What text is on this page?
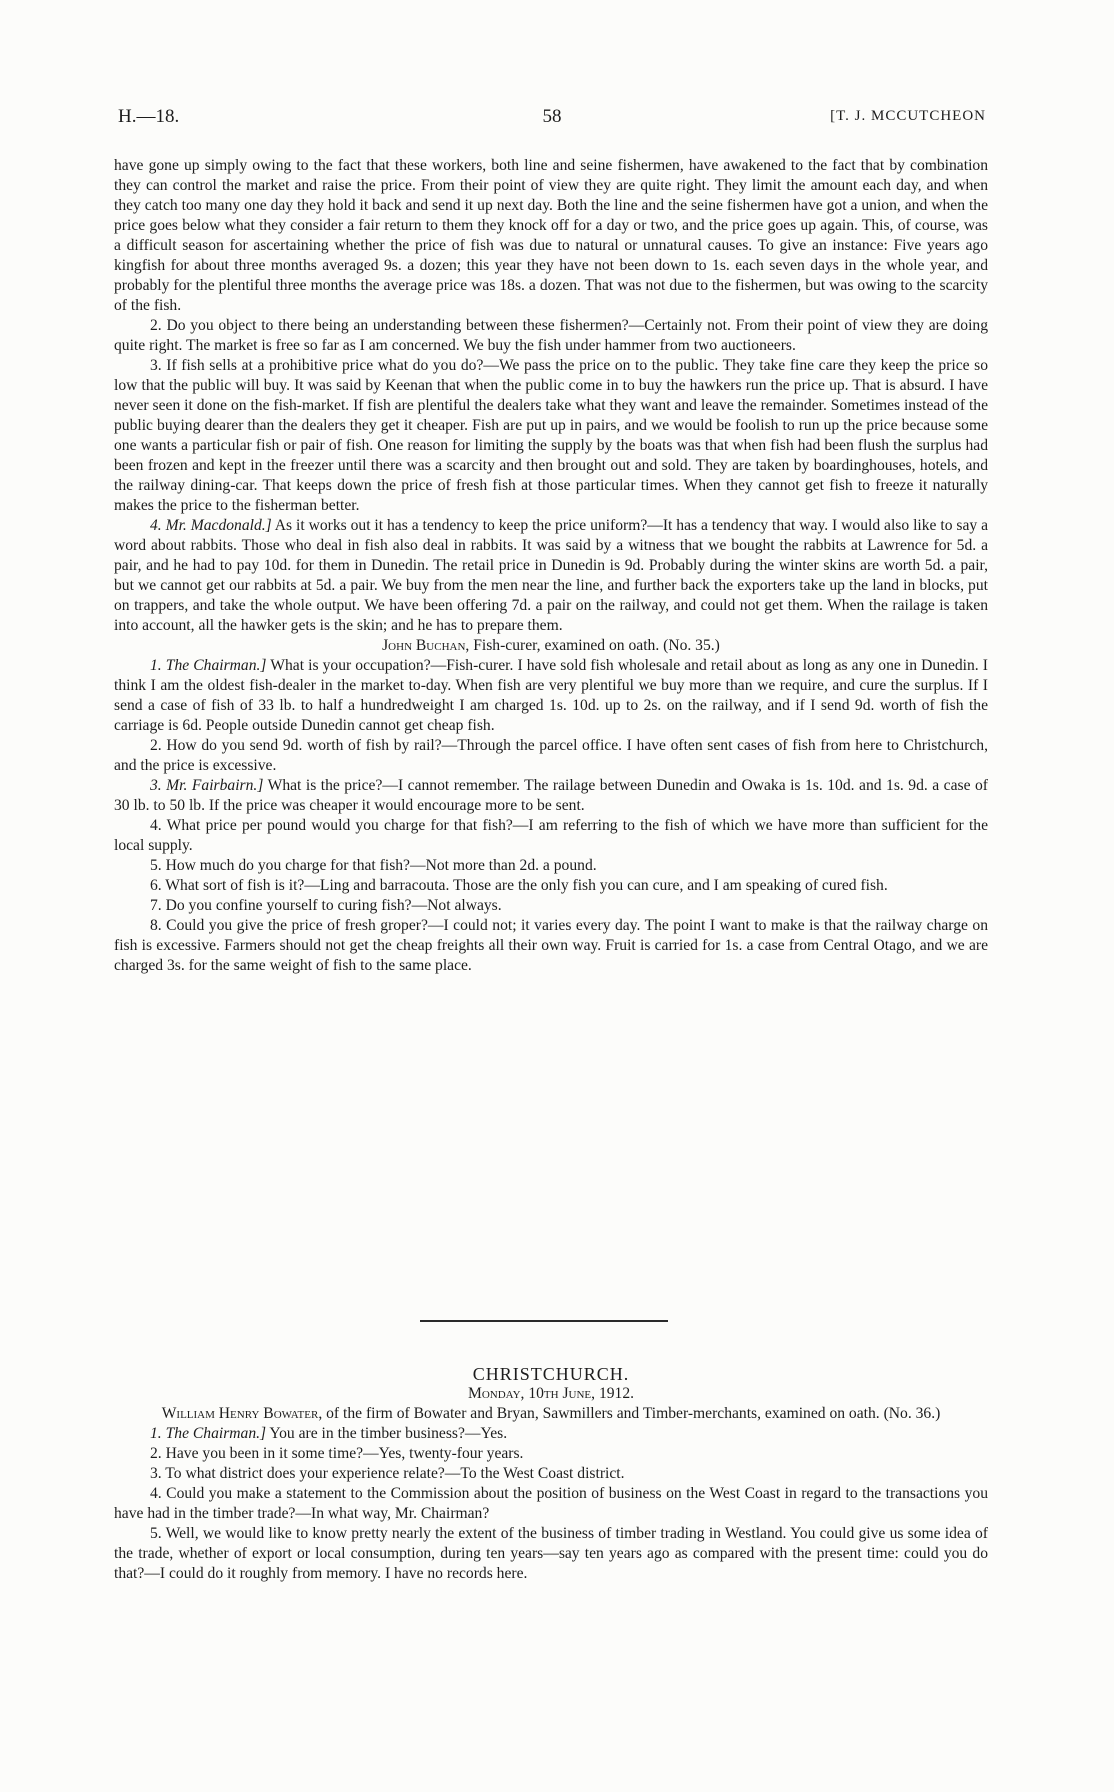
H.—18.	58	[T. J. MCCUTCHEON

have gone up simply owing to the fact that these workers, both line and seine fishermen, have awakened to the fact that by combination they can control the market and raise the price. From their point of view they are quite right. They limit the amount each day, and when they catch too many one day they hold it back and send it up next day. Both the line and the seine fishermen have got a union, and when the price goes below what they consider a fair return to them they knock off for a day or two, and the price goes up again. This, of course, was a difficult season for ascertaining whether the price of fish was due to natural or unnatural causes. To give an instance: Five years ago kingfish for about three months averaged 9s. a dozen; this year they have not been down to 1s. each seven days in the whole year, and probably for the plentiful three months the average price was 18s. a dozen. That was not due to the fishermen, but was owing to the scarcity of the fish.

2. Do you object to there being an understanding between these fishermen?—Certainly not. From their point of view they are doing quite right. The market is free so far as I am concerned. We buy the fish under hammer from two auctioneers.

3. If fish sells at a prohibitive price what do you do?—We pass the price on to the public. They take fine care they keep the price so low that the public will buy. It was said by Keenan that when the public come in to buy the hawkers run the price up. That is absurd. I have never seen it done on the fish-market. If fish are plentiful the dealers take what they want and leave the remainder. Sometimes instead of the public buying dearer than the dealers they get it cheaper. Fish are put up in pairs, and we would be foolish to run up the price because some one wants a particular fish or pair of fish. One reason for limiting the supply by the boats was that when fish had been flush the surplus had been frozen and kept in the freezer until there was a scarcity and then brought out and sold. They are taken by boardinghouses, hotels, and the railway dining-car. That keeps down the price of fresh fish at those particular times. When they cannot get fish to freeze it naturally makes the price to the fisherman better.

4. Mr. Macdonald.] As it works out it has a tendency to keep the price uniform?—It has a tendency that way. I would also like to say a word about rabbits. Those who deal in fish also deal in rabbits. It was said by a witness that we bought the rabbits at Lawrence for 5d. a pair, and he had to pay 10d. for them in Dunedin. The retail price in Dunedin is 9d. Probably during the winter skins are worth 5d. a pair, but we cannot get our rabbits at 5d. a pair. We buy from the men near the line, and further back the exporters take up the land in blocks, put on trappers, and take the whole output. We have been offering 7d. a pair on the railway, and could not get them. When the railage is taken into account, all the hawker gets is the skin; and he has to prepare them.

John Buchan, Fish-curer, examined on oath. (No. 35.)

1. The Chairman.] What is your occupation?—Fish-curer. I have sold fish wholesale and retail about as long as any one in Dunedin. I think I am the oldest fish-dealer in the market to-day. When fish are very plentiful we buy more than we require, and cure the surplus. If I send a case of fish of 33 lb. to half a hundredweight I am charged 1s. 10d. up to 2s. on the railway, and if I send 9d. worth of fish the carriage is 6d. People outside Dunedin cannot get cheap fish.

2. How do you send 9d. worth of fish by rail?—Through the parcel office. I have often sent cases of fish from here to Christchurch, and the price is excessive.

3. Mr. Fairbairn.] What is the price?—I cannot remember. The railage between Dunedin and Owaka is 1s. 10d. and 1s. 9d. a case of 30 lb. to 50 lb. If the price was cheaper it would encourage more to be sent.

4. What price per pound would you charge for that fish?—I am referring to the fish of which we have more than sufficient for the local supply.

5. How much do you charge for that fish?—Not more than 2d. a pound.

6. What sort of fish is it?—Ling and barracouta. Those are the only fish you can cure, and I am speaking of cured fish.

7. Do you confine yourself to curing fish?—Not always.

8. Could you give the price of fresh groper?—I could not; it varies every day. The point I want to make is that the railway charge on fish is excessive. Farmers should not get the cheap freights all their own way. Fruit is carried for 1s. a case from Central Otago, and we are charged 3s. for the same weight of fish to the same place.

CHRISTCHURCH.

Monday, 10th June, 1912.

William Henry Bowater, of the firm of Bowater and Bryan, Sawmillers and Timber-merchants, examined on oath. (No. 36.)

1. The Chairman.] You are in the timber business?—Yes.

2. Have you been in it some time?—Yes, twenty-four years.

3. To what district does your experience relate?—To the West Coast district.

4. Could you make a statement to the Commission about the position of business on the West Coast in regard to the transactions you have had in the timber trade?—In what way, Mr. Chairman?

5. Well, we would like to know pretty nearly the extent of the business of timber trading in Westland. You could give us some idea of the trade, whether of export or local consumption, during ten years—say ten years ago as compared with the present time: could you do that?—I could do it roughly from memory. I have no records here.
